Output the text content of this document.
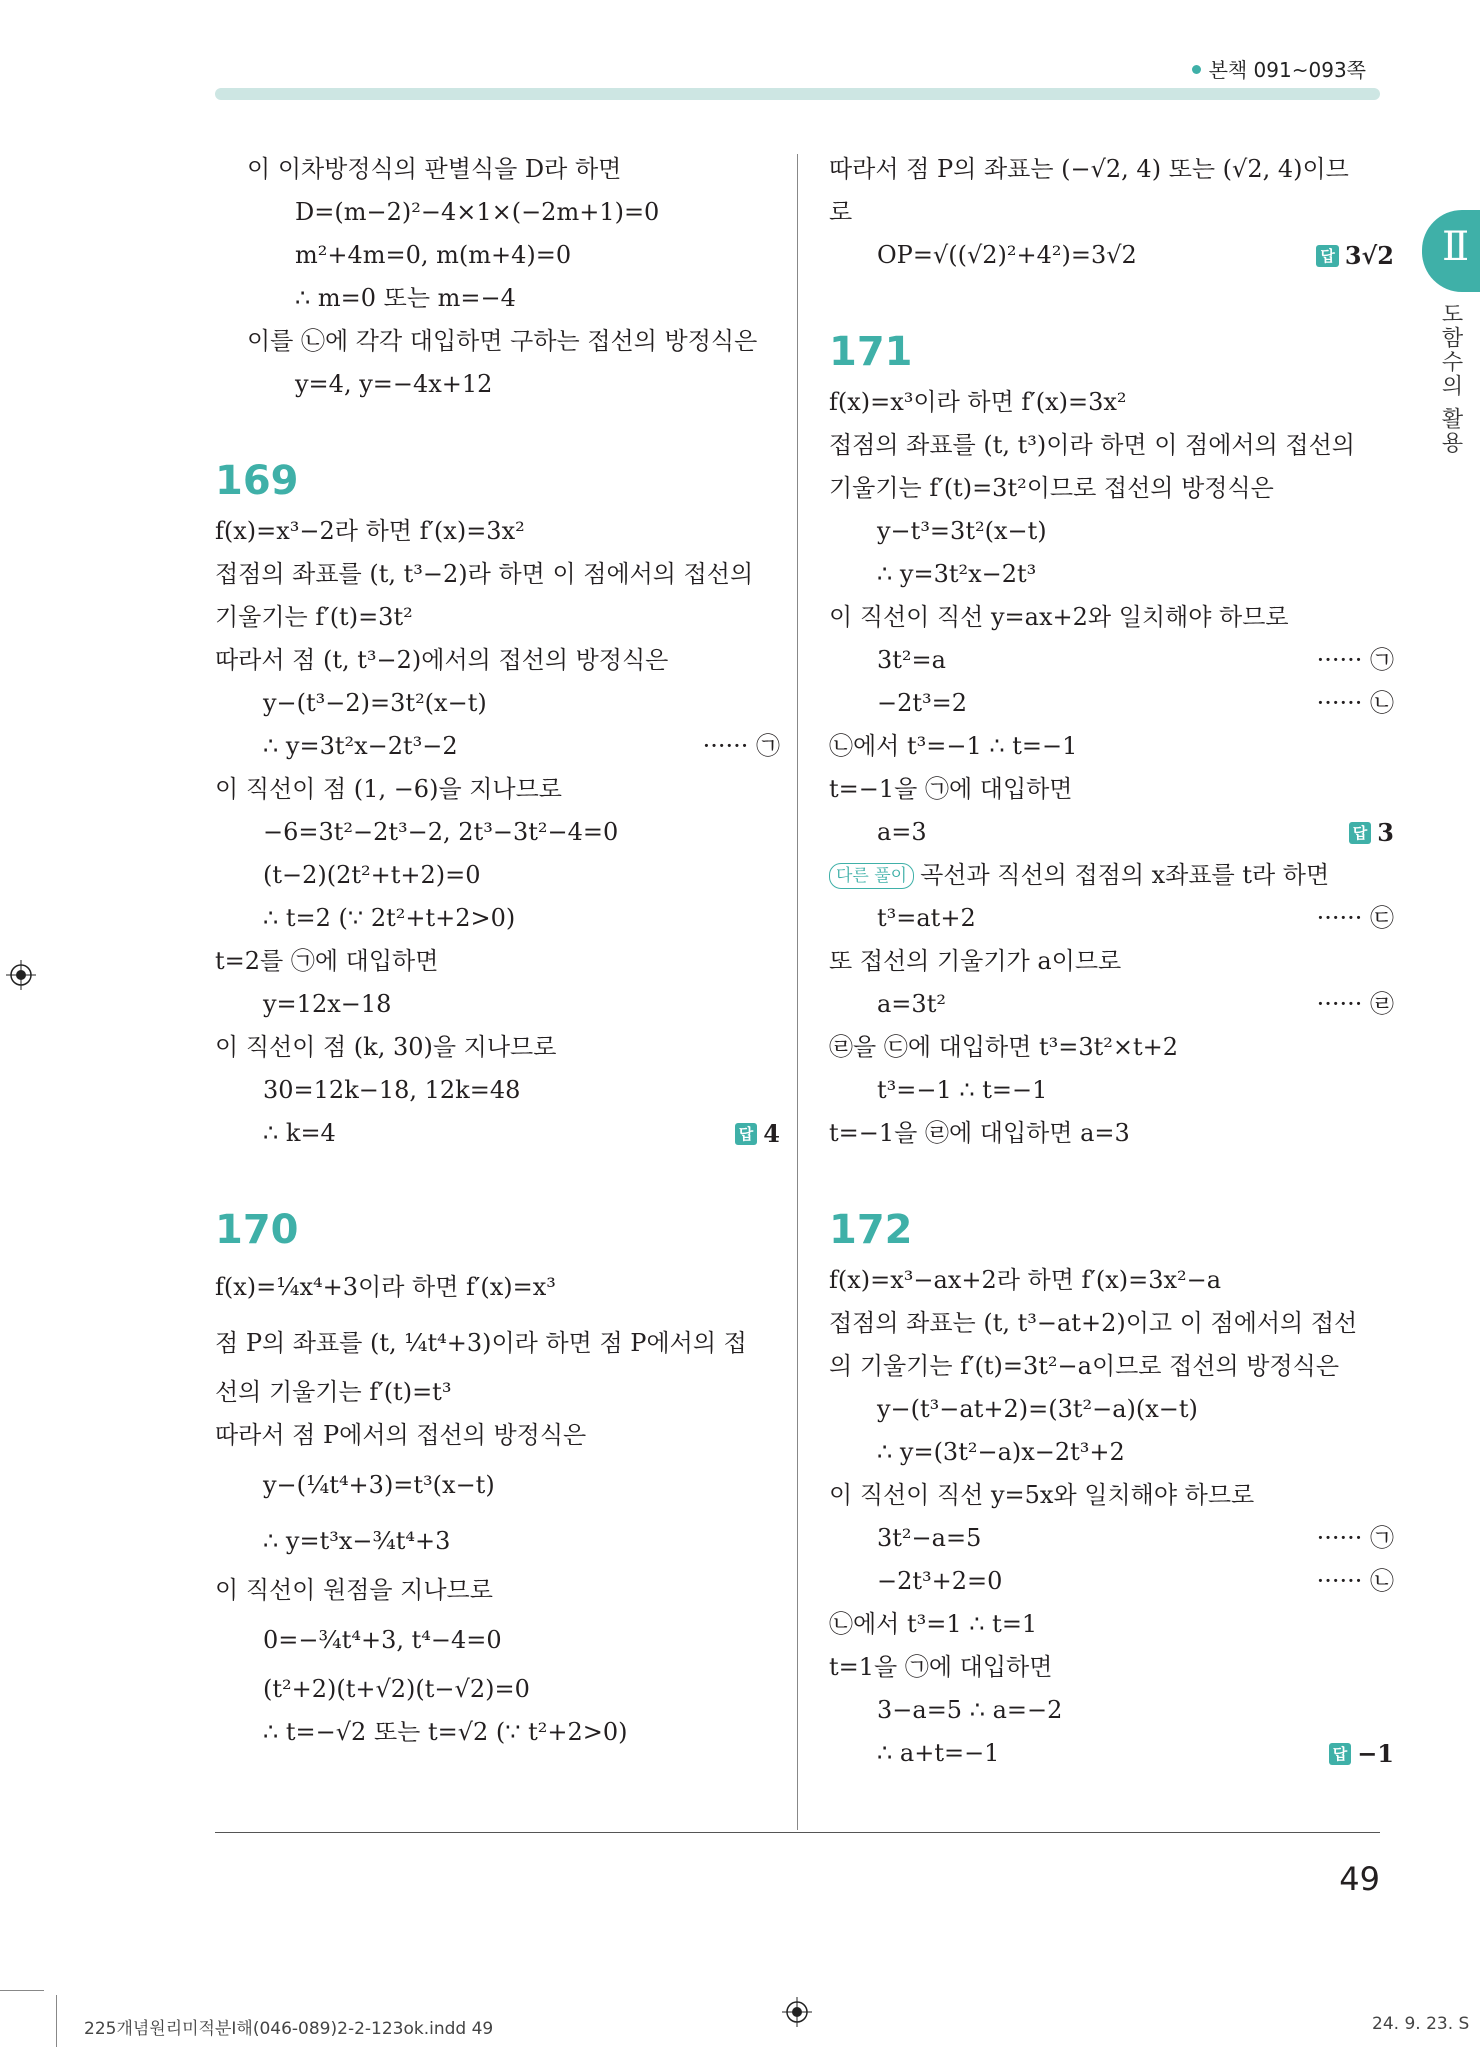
본책 091~093쪽
Ⅱ
도함수의 활용
이 이차방정식의 판별식을 D라 하면
D=(m−2)²−4×1×(−2m+1)=0
m²+4m=0, m(m+4)=0
∴ m=0 또는 m=−4
이를 ㉡에 각각 대입하면 구하는 접선의 방정식은
y=4, y=−4x+12
169
f(x)=x³−2라 하면 f′(x)=3x²
접점의 좌표를 (t, t³−2)라 하면 이 점에서의 접선의
기울기는 f′(t)=3t²
따라서 점 (t, t³−2)에서의 접선의 방정식은
y−(t³−2)=3t²(x−t)
∴ y=3t²x−2t³−2	······ ㉠
이 직선이 점 (1, −6)을 지나므로
−6=3t²−2t³−2, 2t³−3t²−4=0
(t−2)(2t²+t+2)=0
∴ t=2 (∵ 2t²+t+2>0)
t=2를 ㉠에 대입하면
y=12x−18
이 직선이 점 (k, 30)을 지나므로
30=12k−18, 12k=48
∴ k=4	답 4
170
f(x)=¼x⁴+3이라 하면 f′(x)=x³
점 P의 좌표를 (t, ¼t⁴+3)이라 하면 점 P에서의 접
선의 기울기는 f′(t)=t³
따라서 점 P에서의 접선의 방정식은
y−(¼t⁴+3)=t³(x−t)
∴ y=t³x−¾t⁴+3
이 직선이 원점을 지나므로
0=−¾t⁴+3, t⁴−4=0
(t²+2)(t+√2)(t−√2)=0
∴ t=−√2 또는 t=√2 (∵ t²+2>0)
따라서 점 P의 좌표는 (−√2, 4) 또는 (√2, 4)이므
로
OP=√((√2)²+4²)=3√2	답 3√2
171
f(x)=x³이라 하면 f′(x)=3x²
접점의 좌표를 (t, t³)이라 하면 이 점에서의 접선의
기울기는 f′(t)=3t²이므로 접선의 방정식은
y−t³=3t²(x−t)
∴ y=3t²x−2t³
이 직선이 직선 y=ax+2와 일치해야 하므로
3t²=a	······ ㉠
−2t³=2	······ ㉡
㉡에서 t³=−1 ∴ t=−1
t=−1을 ㉠에 대입하면
a=3	답 3
다른 풀이 곡선과 직선의 접점의 x좌표를 t라 하면
t³=at+2	······ ㉢
또 접선의 기울기가 a이므로
a=3t²	······ ㉣
㉣을 ㉢에 대입하면 t³=3t²×t+2
t³=−1 ∴ t=−1
t=−1을 ㉣에 대입하면 a=3
172
f(x)=x³−ax+2라 하면 f′(x)=3x²−a
접점의 좌표는 (t, t³−at+2)이고 이 점에서의 접선
의 기울기는 f′(t)=3t²−a이므로 접선의 방정식은
y−(t³−at+2)=(3t²−a)(x−t)
∴ y=(3t²−a)x−2t³+2
이 직선이 직선 y=5x와 일치해야 하므로
3t²−a=5	······ ㉠
−2t³+2=0	······ ㉡
㉡에서 t³=1 ∴ t=1
t=1을 ㉠에 대입하면
3−a=5 ∴ a=−2
∴ a+t=−1	답 −1
49
225개념원리미적분Ⅰ해(046-089)2-2-123ok.indd 49	24. 9. 23. S
